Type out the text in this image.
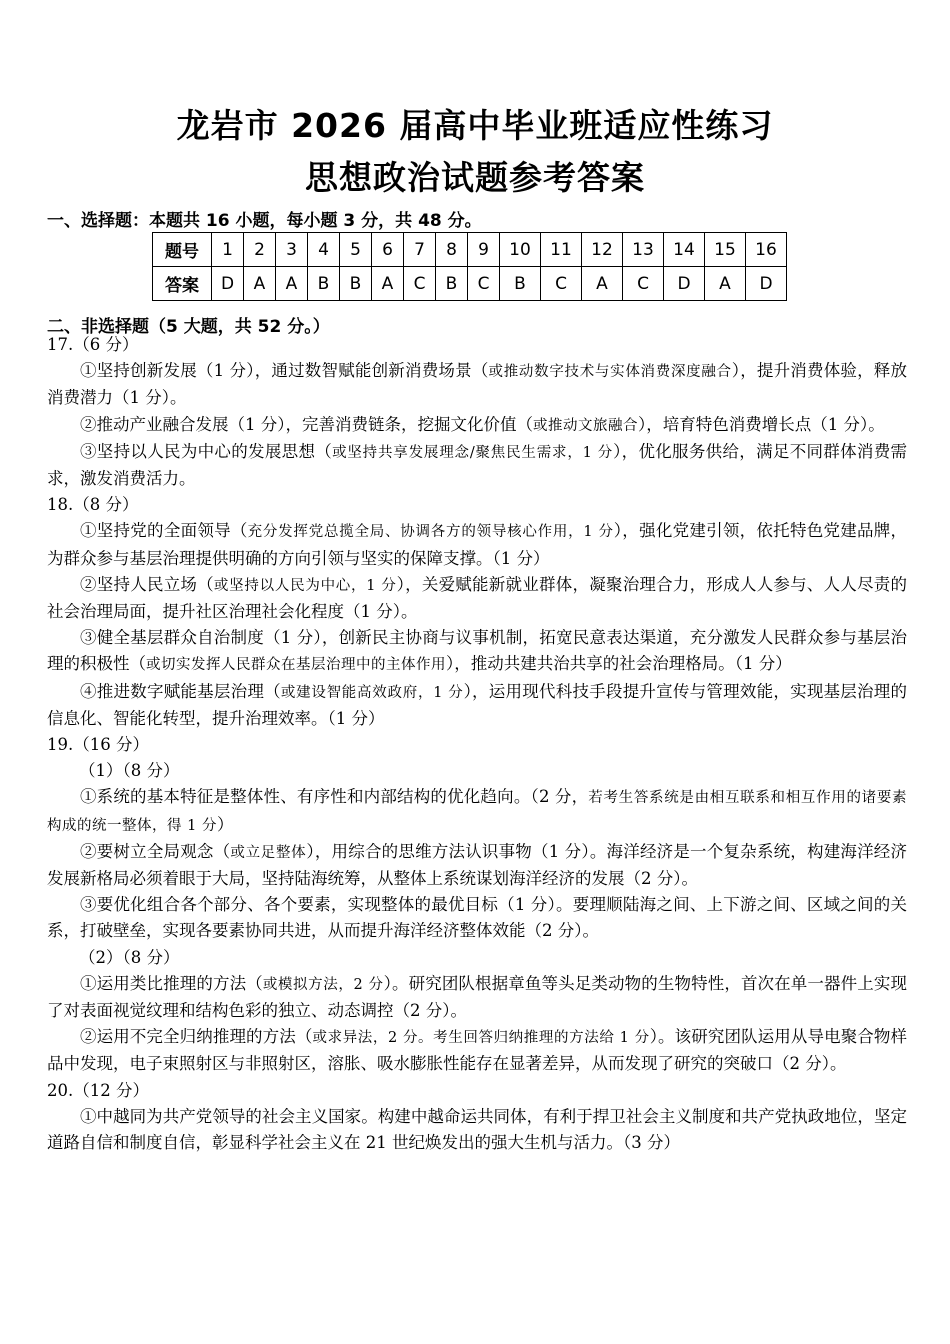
龙岩市 2026 届高中毕业班适应性练习
思想政治试题参考答案
一、选择题：本题共 16 小题，每小题 3 分，共 48 分。
题号	1	2	3	4	5	6	7	8	9	10	11	12	13	14	15	16
答案	D	A	A	B	B	A	C	B	C	B	C	A	C	D	A	D
二、非选择题（5 大题，共 52 分。）

17.（6 分）

①坚持创新发展（1 分），通过数智赋能创新消费场景（或推动数字技术与实体消费深度融合），提升消费体验，释放消费潜力（1 分）。

②推动产业融合发展（1 分），完善消费链条，挖掘文化价值（或推动文旅融合），培育特色消费增长点（1 分）。

③坚持以人民为中心的发展思想（或坚持共享发展理念/聚焦民生需求，1 分），优化服务供给，满足不同群体消费需求，激发消费活力。

18.（8 分）

①坚持党的全面领导（充分发挥党总揽全局、协调各方的领导核心作用，1 分），强化党建引领，依托特色党建品牌，为群众参与基层治理提供明确的方向引领与坚实的保障支撑。（1 分）

②坚持人民立场（或坚持以人民为中心，1 分），关爱赋能新就业群体，凝聚治理合力，形成人人参与、人人尽责的社会治理局面，提升社区治理社会化程度（1 分）。

③健全基层群众自治制度（1 分），创新民主协商与议事机制，拓宽民意表达渠道，充分激发人民群众参与基层治理的积极性（或切实发挥人民群众在基层治理中的主体作用），推动共建共治共享的社会治理格局。（1 分）

④推进数字赋能基层治理（或建设智能高效政府，1 分），运用现代科技手段提升宣传与管理效能，实现基层治理的信息化、智能化转型，提升治理效率。（1 分）

19.（16 分）

（1）（8 分）

①系统的基本特征是整体性、有序性和内部结构的优化趋向。（2 分，若考生答系统是由相互联系和相互作用的诸要素构成的统一整体，得 1 分）

②要树立全局观念（或立足整体），用综合的思维方法认识事物（1 分）。海洋经济是一个复杂系统，构建海洋经济发展新格局必须着眼于大局，坚持陆海统筹，从整体上系统谋划海洋经济的发展（2 分）。

③要优化组合各个部分、各个要素，实现整体的最优目标（1 分）。要理顺陆海之间、上下游之间、区域之间的关系，打破壁垒，实现各要素协同共进，从而提升海洋经济整体效能（2 分）。

（2）（8 分）

①运用类比推理的方法（或模拟方法，2 分）。研究团队根据章鱼等头足类动物的生物特性，首次在单一器件上实现了对表面视觉纹理和结构色彩的独立、动态调控（2 分）。

②运用不完全归纳推理的方法（或求异法，2 分。考生回答归纳推理的方法给 1 分）。该研究团队运用从导电聚合物样品中发现，电子束照射区与非照射区，溶胀、吸水膨胀性能存在显著差异，从而发现了研究的突破口（2 分）。

20.（12 分）

①中越同为共产党领导的社会主义国家。构建中越命运共同体，有利于捍卫社会主义制度和共产党执政地位，坚定道路自信和制度自信，彰显科学社会主义在 21 世纪焕发出的强大生机与活力。（3 分）
